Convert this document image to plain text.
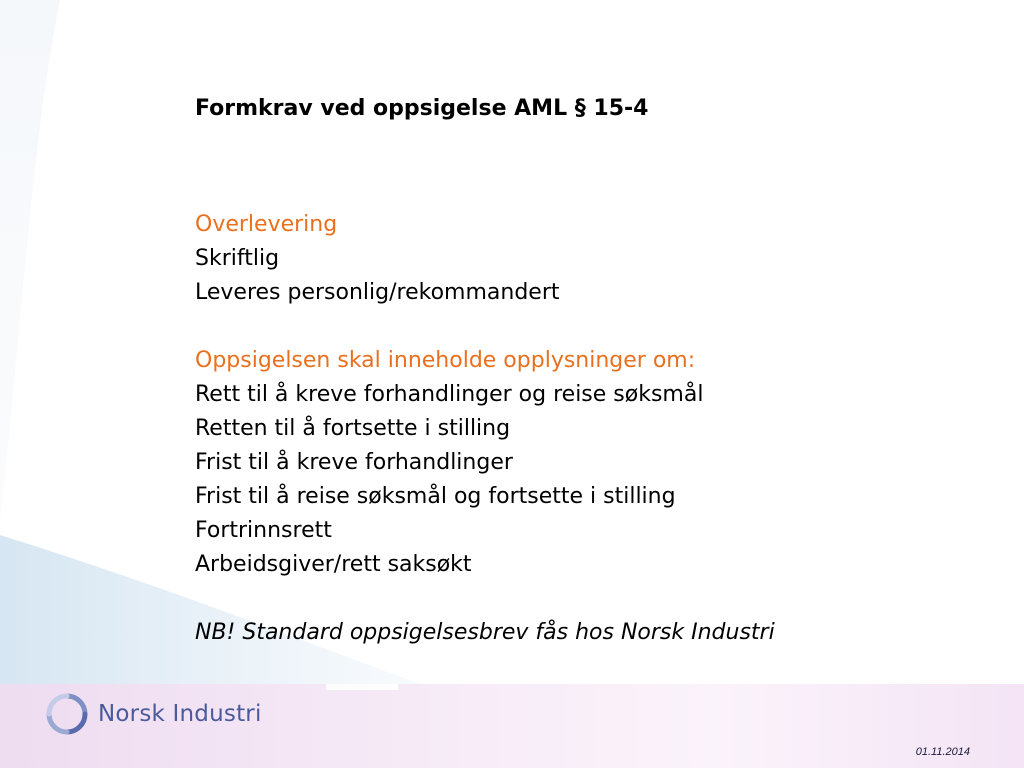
Formkrav ved oppsigelse AML § 15-4
Overlevering
Skriftlig
Leveres personlig/rekommandert
Oppsigelsen skal inneholde opplysninger om:
Rett til å kreve forhandlinger og reise søksmål
Retten til å fortsette i stilling
Frist til å kreve forhandlinger
Frist til å reise søksmål og fortsette i stilling
Fortrinnsrett
Arbeidsgiver/rett saksøkt
NB! Standard oppsigelsesbrev fås hos Norsk Industri
Norsk Industri
01.11.2014
